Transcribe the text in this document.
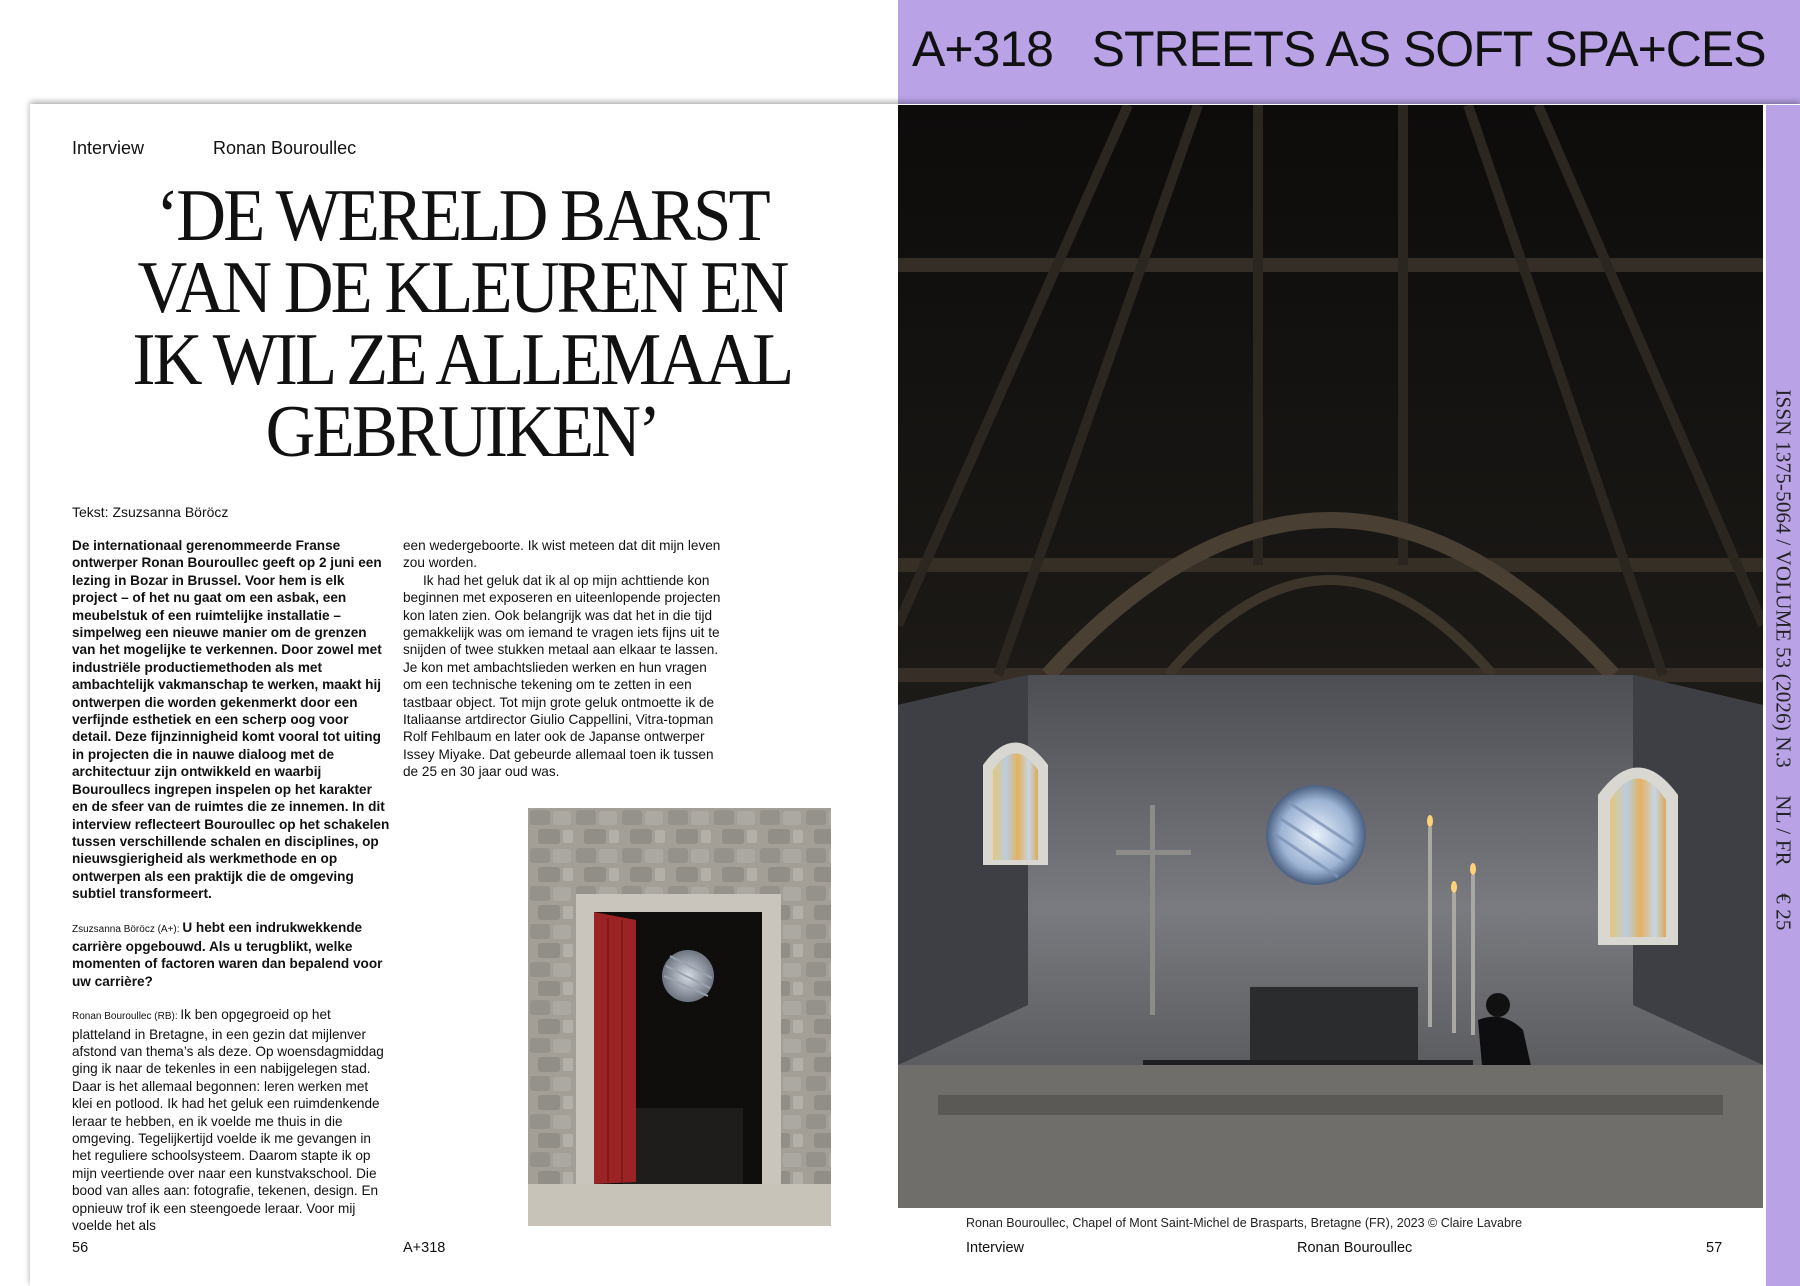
A+318   STREETS AS SOFT SPA+CES
Interview	Ronan Bouroullec
‘DE WERELD BARST
VAN DE KLEUREN EN
IK WIL ZE ALLEMAAL
GEBRUIKEN’
Tekst: Zsuzsanna Böröcz

De internationaal gerenommeerde Franse ontwerper Ronan Bouroullec geeft op 2 juni een lezing in Bozar in Brussel. Voor hem is elk project – of het nu gaat om een asbak, een meubelstuk of een ruimtelijke installatie – simpelweg een nieuwe manier om de grenzen van het mogelijke te verkennen. Door zowel met industriële productiemethoden als met ambachtelijk vakmanschap te werken, maakt hij ontwerpen die worden gekenmerkt door een verfijnde esthetiek en een scherp oog voor detail. Deze fijnzinnigheid komt vooral tot uiting in projecten die in nauwe dialoog met de architectuur zijn ontwikkeld en waarbij Bouroullecs ingrepen inspelen op het karakter en de sfeer van de ruimtes die ze innemen. In dit interview reflecteert Bouroullec op het schakelen tussen verschillende schalen en disciplines, op nieuwsgierigheid als werkmethode en op ontwerpen als een praktijk die de omgeving subtiel transformeert.

Zsuzsanna Böröcz (A+): U hebt een indrukwekkende carrière opgebouwd. Als u terugblikt, welke momenten of factoren waren dan bepalend voor uw carrière?

Ronan Bouroullec (RB): Ik ben opgegroeid op het platteland in Bretagne, in een gezin dat mijlenver afstond van thema’s als deze. Op woensdagmiddag ging ik naar de tekenles in een nabijgelegen stad. Daar is het allemaal begonnen: leren werken met klei en potlood. Ik had het geluk een ruimdenkende leraar te hebben, en ik voelde me thuis in die omgeving. Tegelijkertijd voelde ik me gevangen in het reguliere schoolsysteem. Daarom stapte ik op mijn veertiende over naar een kunstvakschool. Die bood van alles aan: fotografie, tekenen, design. En opnieuw trof ik een steengoede leraar. Voor mij voelde het als

een wedergeboorte. Ik wist meteen dat dit mijn leven zou worden.

Ik had het geluk dat ik al op mijn achttiende kon beginnen met exposeren en uiteenlopende projecten kon laten zien. Ook belangrijk was dat het in die tijd gemakkelijk was om iemand te vragen iets fijns uit te snijden of twee stukken metaal aan elkaar te lassen. Je kon met ambachtslieden werken en hun vragen om een technische tekening om te zetten in een tastbaar object. Tot mijn grote geluk ontmoette ik de Italiaanse artdirector Giulio Cappellini, Vitra-topman Rolf Fehlbaum en later ook de Japanse ontwerper Issey Miyake. Dat gebeurde allemaal toen ik tussen de 25 en 30 jaar oud was.

Ronan Bouroullec, Chapel of Mont Saint-Michel de Brasparts, Bretagne (FR), 2023 © Claire Lavabre
ISSN 1375-5064 / VOLUME 53 (2026) N.3     NL / FR     € 25
56	A+318	Interview	Ronan Bouroullec	57
